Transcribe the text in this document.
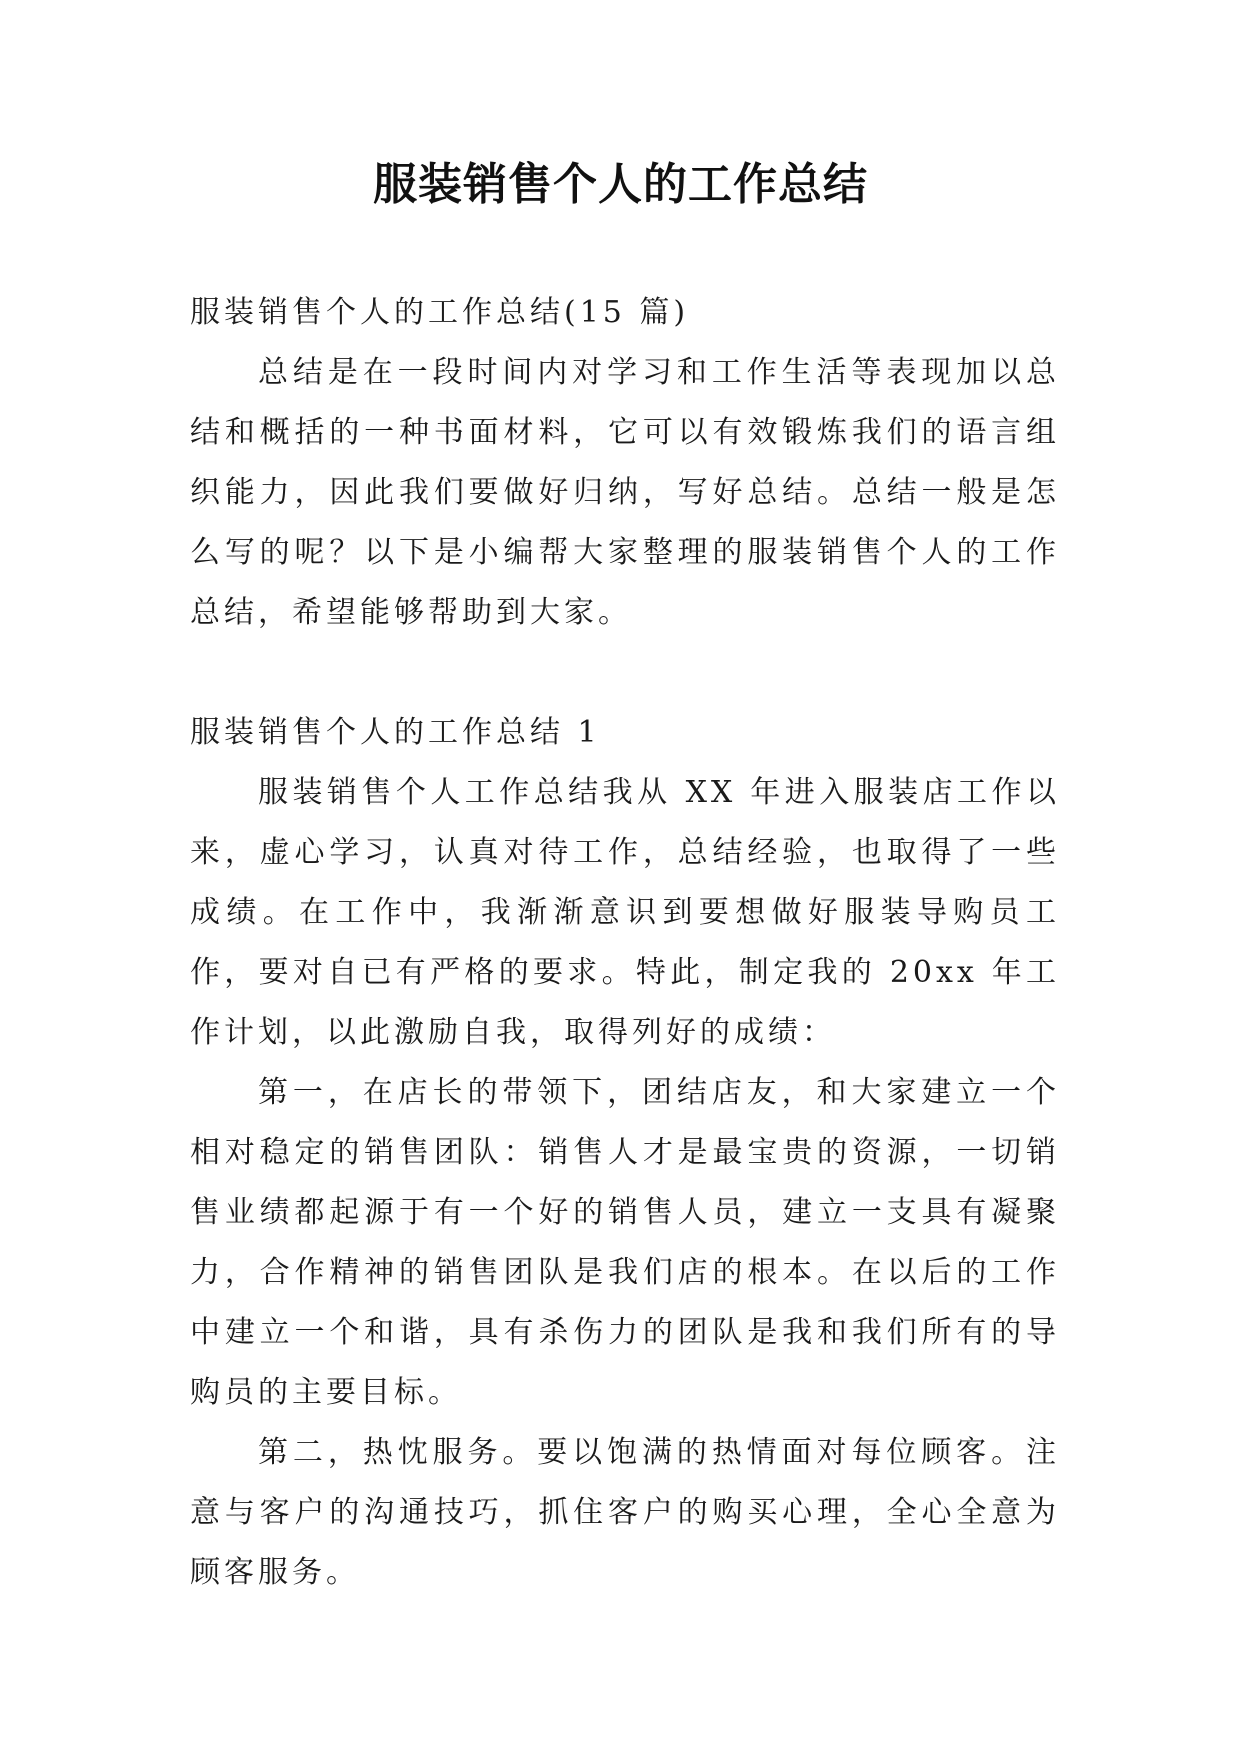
服装销售个人的工作总结

服装销售个人的工作总结(15 篇)

总结是在一段时间内对学习和工作生活等表现加以总结和概括的一种书面材料，它可以有效锻炼我们的语言组织能力，因此我们要做好归纳，写好总结。总结一般是怎么写的呢？以下是小编帮大家整理的服装销售个人的工作总结，希望能够帮助到大家。

服装销售个人的工作总结 1

服装销售个人工作总结我从 XX 年进入服装店工作以来，虚心学习，认真对待工作，总结经验，也取得了一些成绩。在工作中，我渐渐意识到要想做好服装导购员工作，要对自已有严格的要求。特此，制定我的 20xx 年工作计划，以此激励自我，取得列好的成绩：

第一，在店长的带领下，团结店友，和大家建立一个相对稳定的销售团队：销售人才是最宝贵的资源，一切销售业绩都起源于有一个好的销售人员，建立一支具有凝聚力，合作精神的销售团队是我们店的根本。在以后的工作中建立一个和谐，具有杀伤力的团队是我和我们所有的导购员的主要目标。

第二，热忱服务。要以饱满的热情面对每位顾客。注意与客户的沟通技巧，抓住客户的购买心理，全心全意为顾客服务。
